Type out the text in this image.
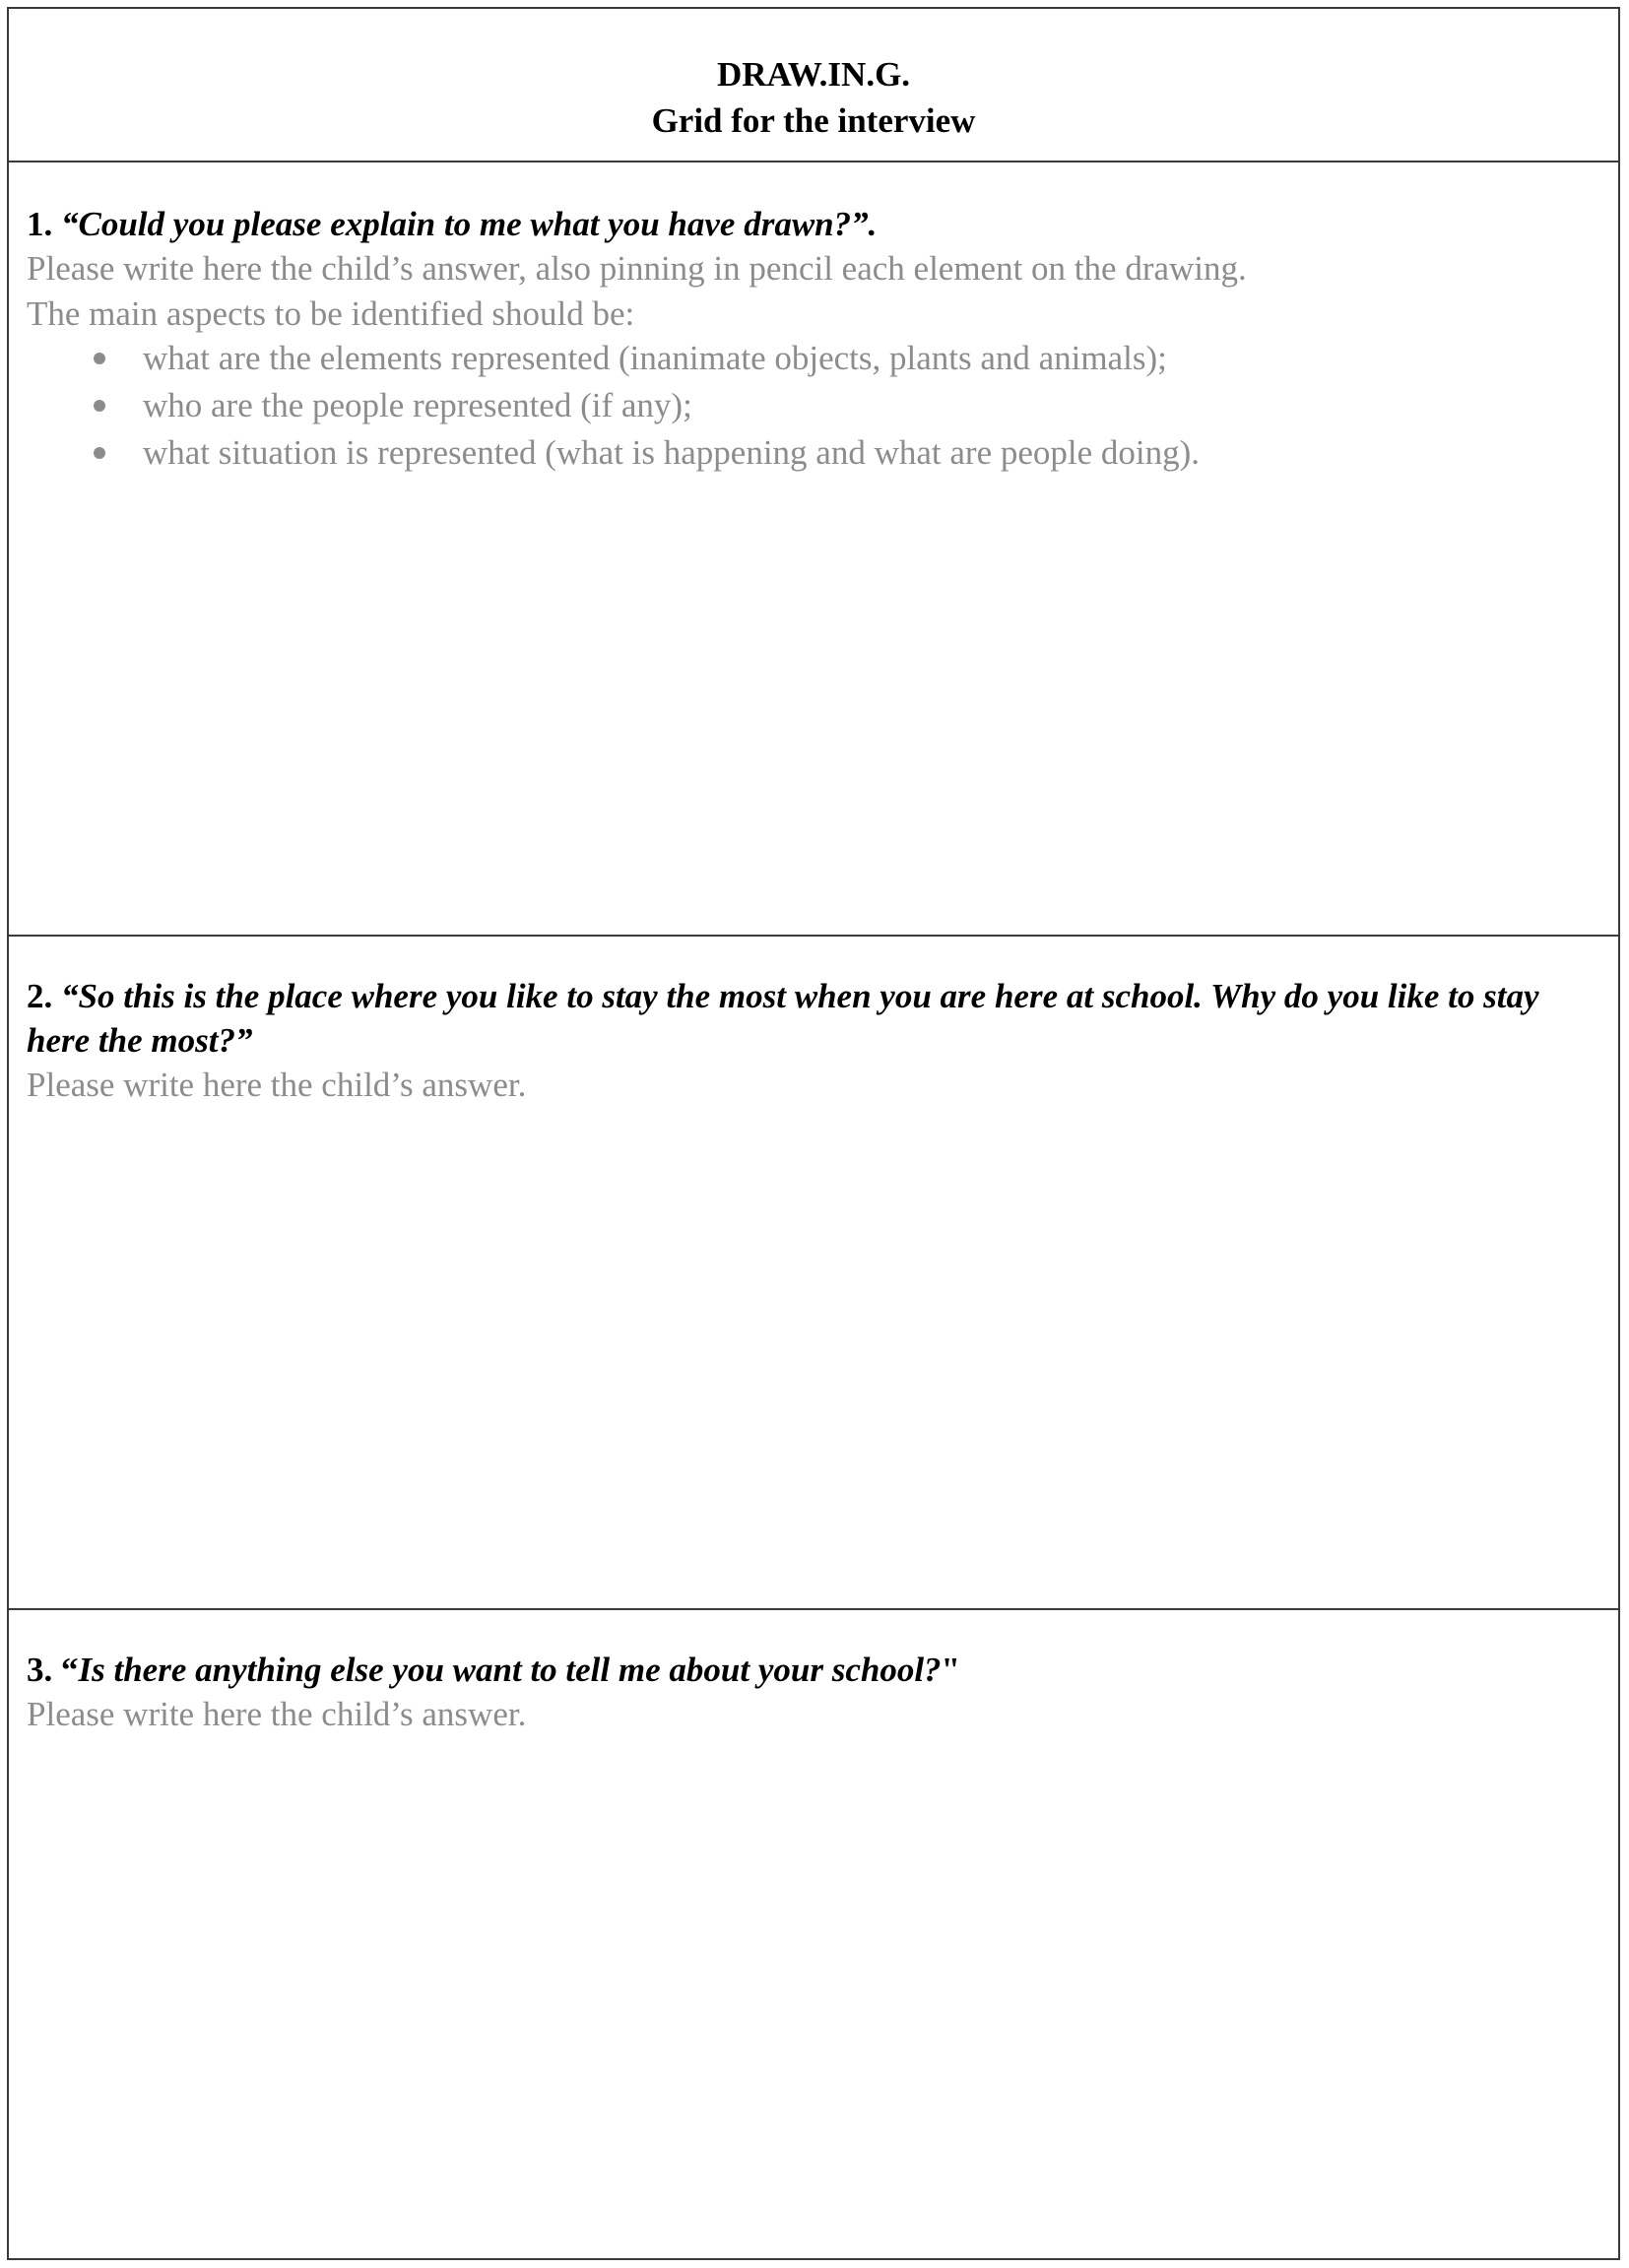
DRAW.IN.G.
Grid for the interview
1. “Could you please explain to me what you have drawn?”.
Please write here the child’s answer, also pinning in pencil each element on the drawing.
The main aspects to be identified should be:
what are the elements represented (inanimate objects, plants and animals);
who are the people represented (if any);
what situation is represented (what is happening and what are people doing).
2. “So this is the place where you like to stay the most when you are here at school. Why do you like to stay here the most?”
Please write here the child’s answer.
3. “Is there anything else you want to tell me about your school?"
Please write here the child’s answer.
